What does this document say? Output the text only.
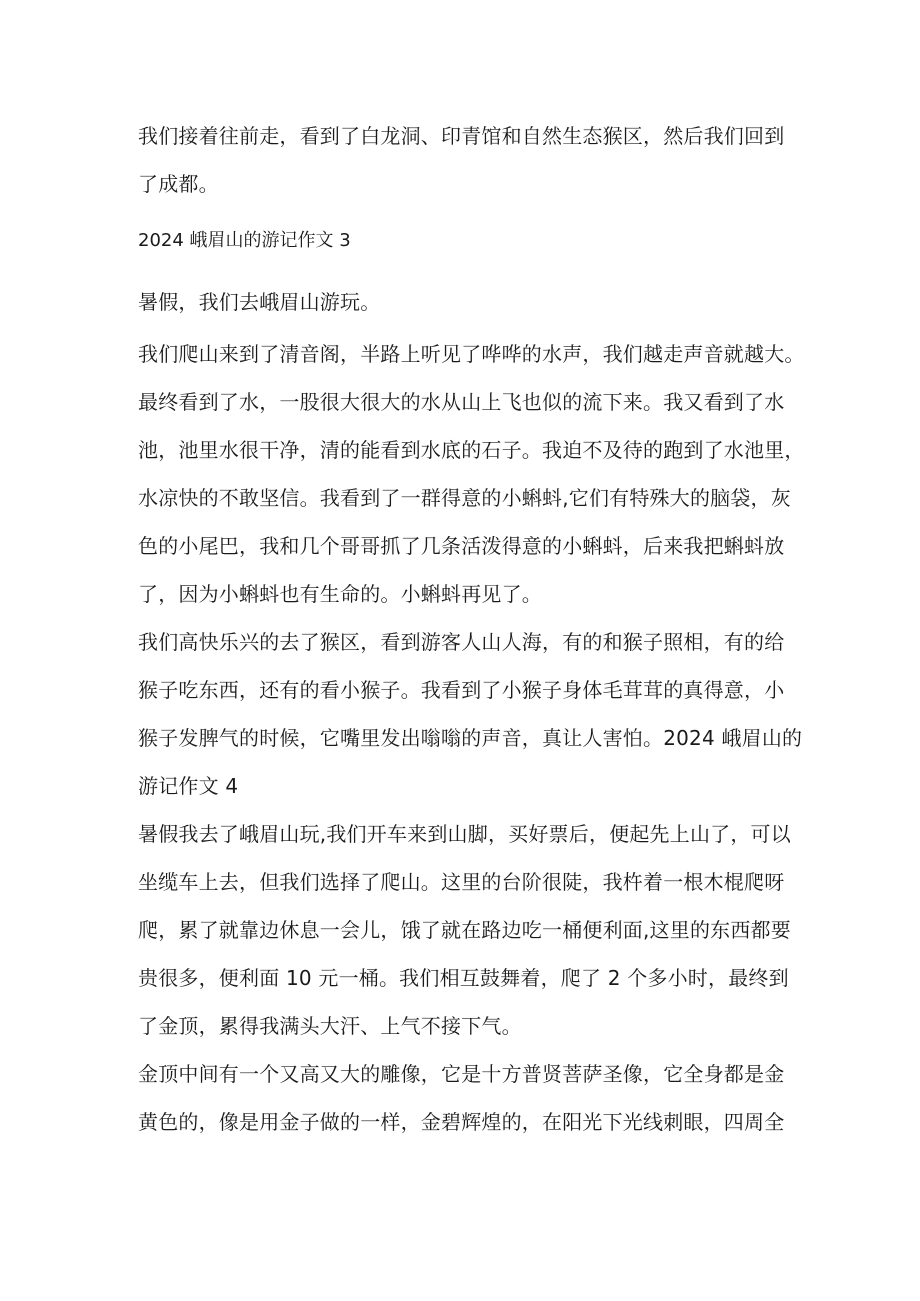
我们接着往前走，看到了白龙洞、印青馆和自然生态猴区，然后我们回到
了成都。
2024 峨眉山的游记作文 3
暑假，我们去峨眉山游玩。
我们爬山来到了清音阁，半路上听见了哗哗的水声，我们越走声音就越大。
最终看到了水，一股很大很大的水从山上飞也似的流下来。我又看到了水
池，池里水很干净，清的能看到水底的石子。我迫不及待的跑到了水池里，
水凉快的不敢坚信。我看到了一群得意的小蝌蚪,它们有特殊大的脑袋，灰
色的小尾巴，我和几个哥哥抓了几条活泼得意的小蝌蚪，后来我把蝌蚪放
了，因为小蝌蚪也有生命的。小蝌蚪再见了。
我们高快乐兴的去了猴区，看到游客人山人海，有的和猴子照相，有的给
猴子吃东西，还有的看小猴子。我看到了小猴子身体毛茸茸的真得意，小
猴子发脾气的时候，它嘴里发出嗡嗡的声音，真让人害怕。2024 峨眉山的
游记作文 4
暑假我去了峨眉山玩,我们开车来到山脚，买好票后，便起先上山了，可以
坐缆车上去，但我们选择了爬山。这里的台阶很陡，我杵着一根木棍爬呀
爬，累了就靠边休息一会儿，饿了就在路边吃一桶便利面,这里的东西都要
贵很多，便利面 10 元一桶。我们相互鼓舞着，爬了 2 个多小时，最终到
了金顶，累得我满头大汗、上气不接下气。
金顶中间有一个又高又大的雕像，它是十方普贤菩萨圣像，它全身都是金
黄色的，像是用金子做的一样，金碧辉煌的，在阳光下光线刺眼，四周全
